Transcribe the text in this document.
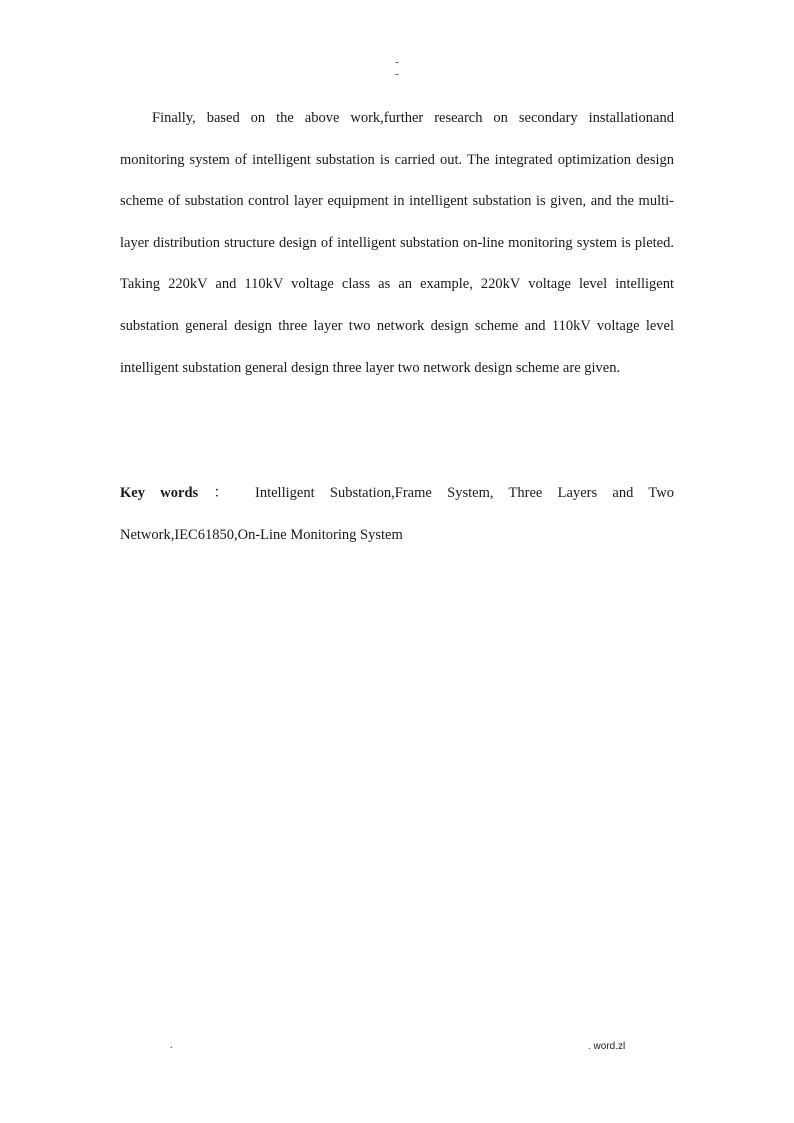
-
-

Finally, based on the above work,further research on secondary installationand monitoring system of intelligent substation is carried out. The integrated optimization design scheme of substation control layer equipment in intelligent substation is given, and the multi-layer distribution structure design of intelligent substation on-line monitoring system is pleted. Taking 220kV and 110kV voltage class as an example, 220kV voltage level intelligent substation general design three layer two network design scheme and 110kV voltage level intelligent substation general design three layer two network design scheme are given.

Key words ： Intelligent Substation,Frame System, Three Layers and Two Network,IEC61850,On-Line Monitoring System

.	. word.zl
